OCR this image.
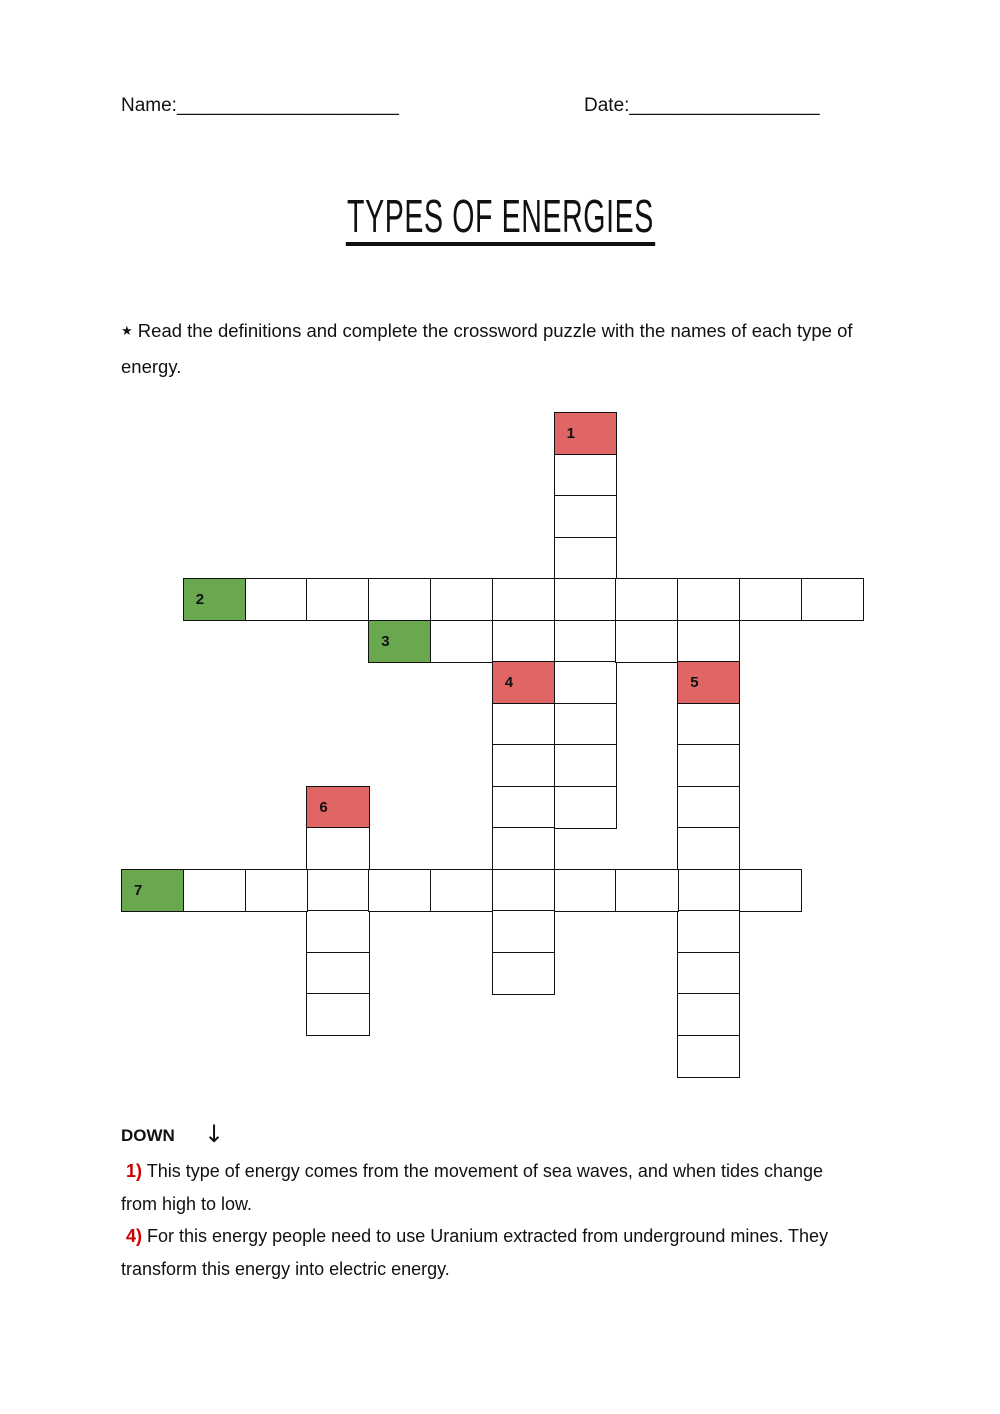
Name:_____________________	Date:__________________
TYPES OF ENERGIES
★ Read the definitions and complete the crossword puzzle with the names of each type of energy.
1
2
3
4	5
6
7
DOWN ↓
1) This type of energy comes from the movement of sea waves, and when tides change from high to low.
4) For this energy people need to use Uranium extracted from underground mines. They transform this energy into electric energy.
